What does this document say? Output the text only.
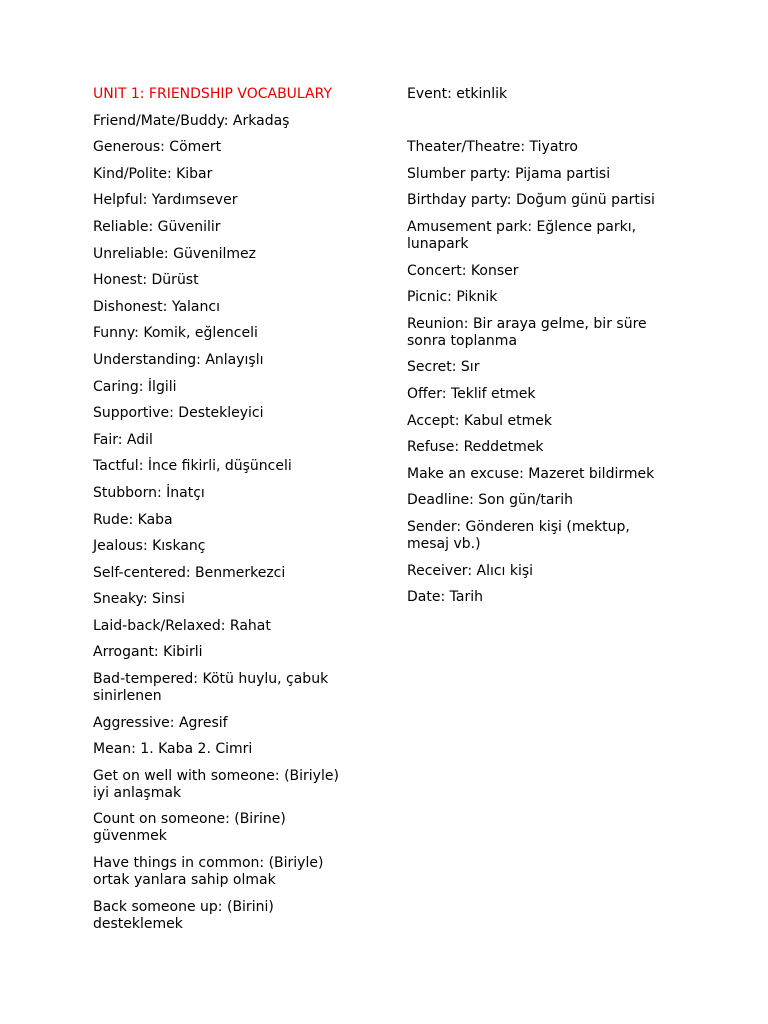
UNIT 1: FRIENDSHIP VOCABULARY
Friend/Mate/Buddy: Arkadaş
Generous: Cömert
Kind/Polite: Kibar
Helpful: Yardımsever
Reliable: Güvenilir
Unreliable: Güvenilmez
Honest: Dürüst
Dishonest: Yalancı
Funny: Komik, eğlenceli
Understanding: Anlayışlı
Caring: İlgili
Supportive: Destekleyici
Fair: Adil
Tactful: İnce fikirli, düşünceli
Stubborn: İnatçı
Rude: Kaba
Jealous: Kıskanç
Self-centered: Benmerkezci
Sneaky: Sinsi
Laid-back/Relaxed: Rahat
Arrogant: Kibirli
Bad-tempered: Kötü huylu, çabuk sinirlenen
Aggressive: Agresif
Mean: 1. Kaba 2. Cimri
Get on well with someone: (Biriyle) iyi anlaşmak
Count on someone: (Birine) güvenmek
Have things in common: (Biriyle) ortak yanlara sahip olmak
Back someone up: (Birini) desteklemek
Event: etkinlik
Theater/Theatre: Tiyatro
Slumber party: Pijama partisi
Birthday party: Doğum günü partisi
Amusement park: Eğlence parkı, lunapark
Concert: Konser
Picnic: Piknik
Reunion: Bir araya gelme, bir süre sonra toplanma
Secret: Sır
Offer: Teklif etmek
Accept: Kabul etmek
Refuse: Reddetmek
Make an excuse: Mazeret bildirmek
Deadline: Son gün/tarih
Sender: Gönderen kişi (mektup, mesaj vb.)
Receiver: Alıcı kişi
Date: Tarih
